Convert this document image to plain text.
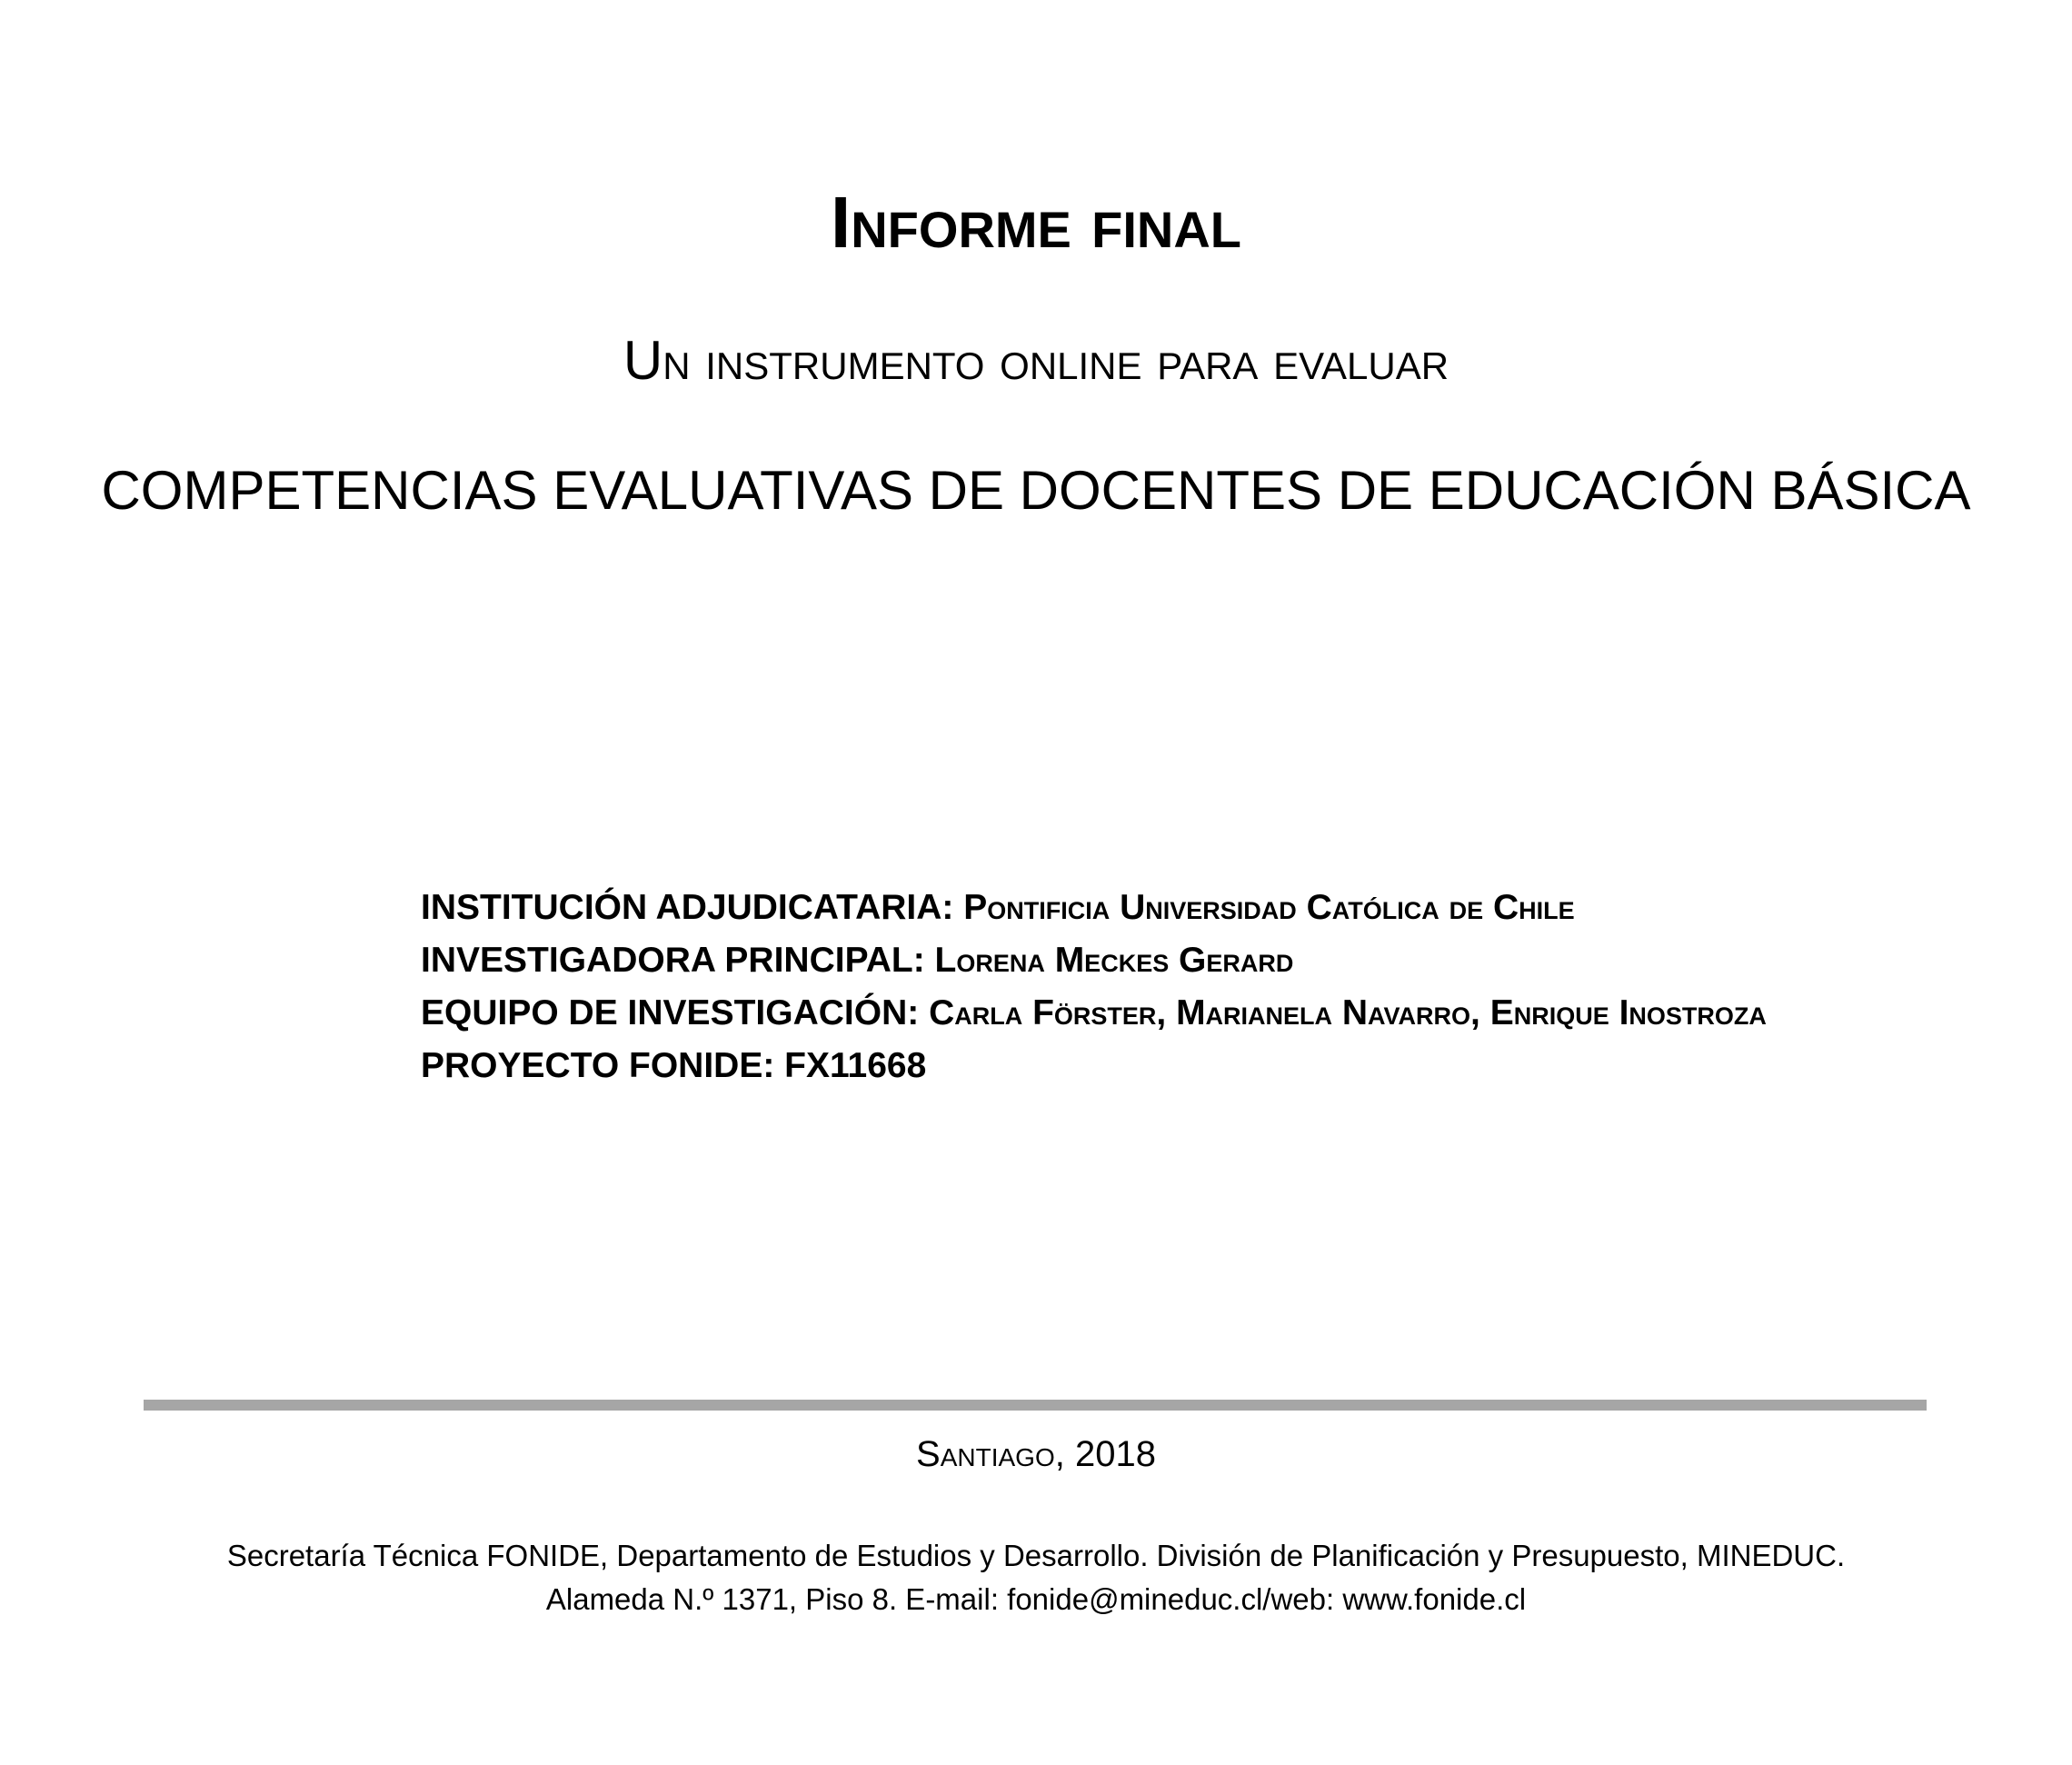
Informe final
Un instrumento online para evaluar
COMPETENCIAS EVALUATIVAS DE DOCENTES DE EDUCACIÓN BÁSICA
INSTITUCIÓN ADJUDICATARIA: Pontificia Universidad Católica de Chile
INVESTIGADORA PRINCIPAL: Lorena Meckes Gerard
EQUIPO DE INVESTIGACIÓN: Carla Förster, Marianela Navarro, Enrique Inostroza
PROYECTO FONIDE: FX11668
Santiago, 2018
Secretaría Técnica FONIDE, Departamento de Estudios y Desarrollo. División de Planificación y Presupuesto, MINEDUC.
Alameda N.º 1371, Piso 8. E-mail: fonide@mineduc.cl/web: www.fonide.cl
